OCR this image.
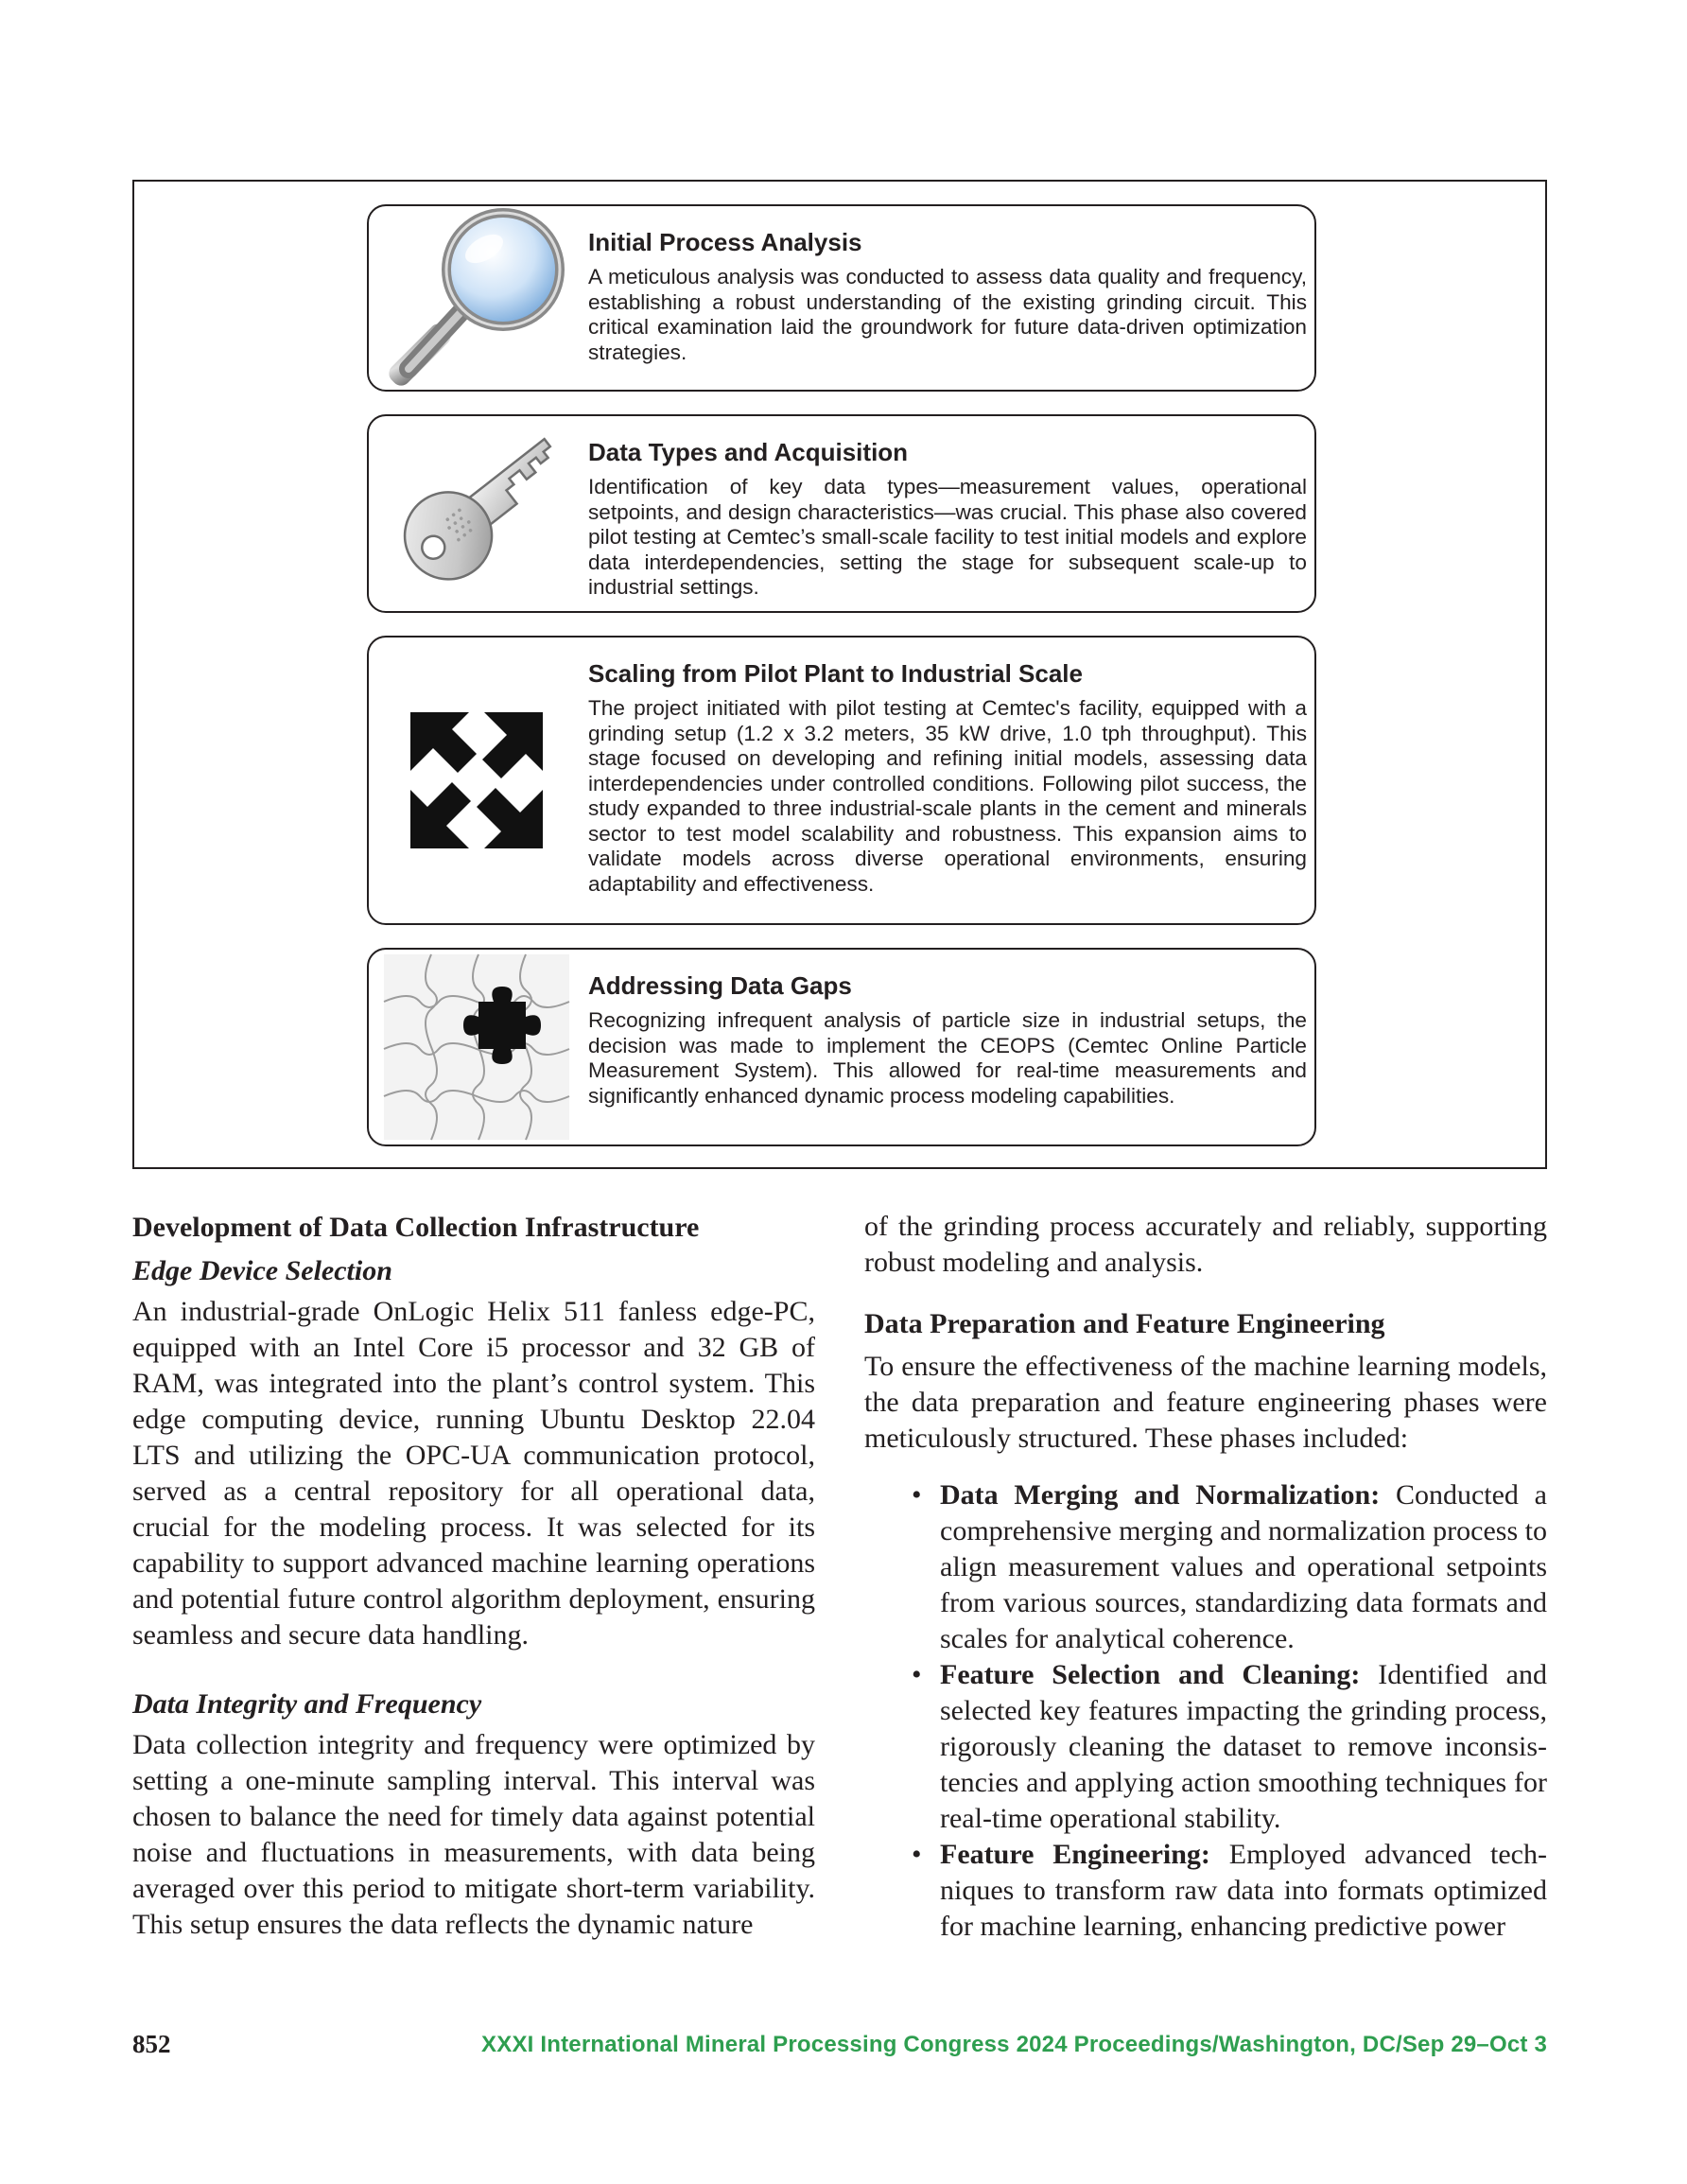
Initial Process Analysis

A meticulous analysis was conducted to assess data quality and frequency, establishing a robust understanding of the existing grinding circuit. This critical examination laid the groundwork for future data-driven optimization strategies.

Data Types and Acquisition

Identification of key data types—measurement values, operational setpoints, and design characteristics—was crucial. This phase also covered pilot testing at Cemtec’s small-scale facility to test initial models and explore data interdependencies, setting the stage for subsequent scale-up to industrial settings.

Scaling from Pilot Plant to Industrial Scale

The project initiated with pilot testing at Cemtec's facility, equipped with a grinding setup (1.2 x 3.2 meters, 35 kW drive, 1.0 tph throughput). This stage focused on developing and refining initial models, assessing data interdependencies under controlled conditions. Following pilot success, the study expanded to three industrial-scale plants in the cement and minerals sector to test model scalability and robustness. This expansion aims to validate models across diverse operational environments, ensuring adaptability and effectiveness.

Addressing Data Gaps

Recognizing infrequent analysis of particle size in industrial setups, the decision was made to implement the CEOPS (Cemtec Online Particle Measurement System). This allowed for real-time measurements and significantly enhanced dynamic process modeling capabilities.

Development of Data Collection Infrastructure
Edge Device Selection

An industrial-grade OnLogic Helix 511 fanless edge-PC, equipped with an Intel Core i5 processor and 32 GB of RAM, was integrated into the plant’s control system. This edge computing device, running Ubuntu Desktop 22.04 LTS and utilizing the OPC-UA communication protocol, served as a central repository for all operational data, crucial for the modeling process. It was selected for its capability to support advanced machine learning operations and potential future control algorithm deployment, ensuring seamless and secure data handling.

Data Integrity and Frequency

Data collection integrity and frequency were optimized by setting a one-minute sampling interval. This interval was chosen to balance the need for timely data against potential noise and fluctuations in measurements, with data being averaged over this period to mitigate short-term variability. This setup ensures the data reflects the dynamic nature

of the grinding process accurately and reliably, supporting robust modeling and analysis.

Data Preparation and Feature Engineering

To ensure the effectiveness of the machine learning models, the data preparation and feature engineering phases were meticulously structured. These phases included:

• Data Merging and Normalization: Conducted a comprehensive merging and normalization process to align measurement values and operational setpoints from various sources, standardizing data formats and scales for analytical coherence.
• Feature Selection and Cleaning: Identified and selected key features impacting the grinding process, rigorously cleaning the dataset to remove inconsistencies and applying action smoothing techniques for real-time operational stability.
• Feature Engineering: Employed advanced techniques to transform raw data into formats optimized for machine learning, enhancing predictive power
852	XXXI International Mineral Processing Congress 2024 Proceedings/Washington, DC/Sep 29–Oct 3
